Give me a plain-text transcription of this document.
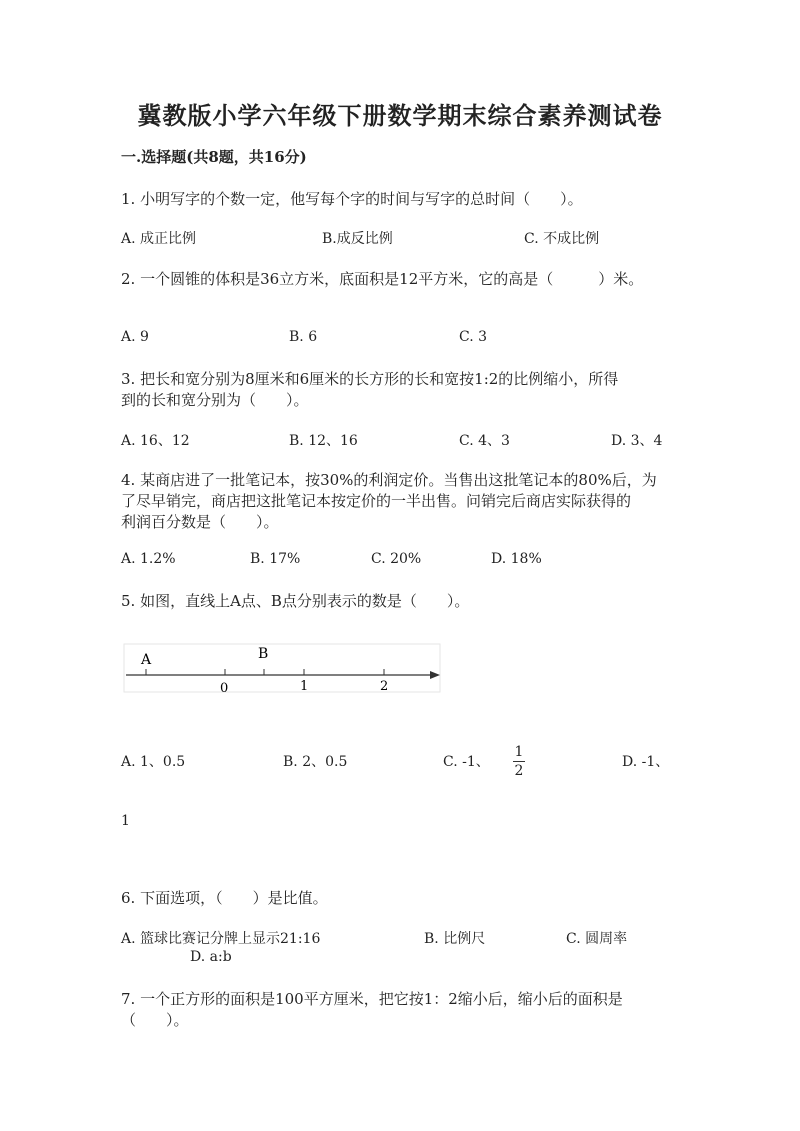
冀教版小学六年级下册数学期末综合素养测试卷
一.选择题(共8题，共16分)
1. 小明写字的个数一定，他写每个字的时间与写字的总时间（　　）。
A. 成正比例	B.成反比例	C. 不成比例
2. 一个圆锥的体积是36立方米，底面积是12平方米，它的高是（　　　）米。
A. 9	B. 6	C. 3
3. 把长和宽分别为8厘米和6厘米的长方形的长和宽按1:2的比例缩小，所得
到的长和宽分别为（　　）。
A. 16、12	B. 12、16	C. 4、3	D. 3、4
4. 某商店进了一批笔记本，按30%的利润定价。当售出这批笔记本的80%后，为
了尽早销完，商店把这批笔记本按定价的一半出售。问销完后商店实际获得的
利润百分数是（　　）。
A. 1.2%	B. 17%	C. 20%	D. 18%
5. 如图，直线上A点、B点分别表示的数是（　　）。
A	B
0	1	2
A. 1、0.5	B. 2、0.5	C. -1、
1
2
D. -1、
1
6. 下面选项，（　　）是比值。
A. 篮球比赛记分牌上显示21:16	B. 比例尺	C. 圆周率
D. a:b
7. 一个正方形的面积是100平方厘米，把它按1：2缩小后，缩小后的面积是
（　　）。
